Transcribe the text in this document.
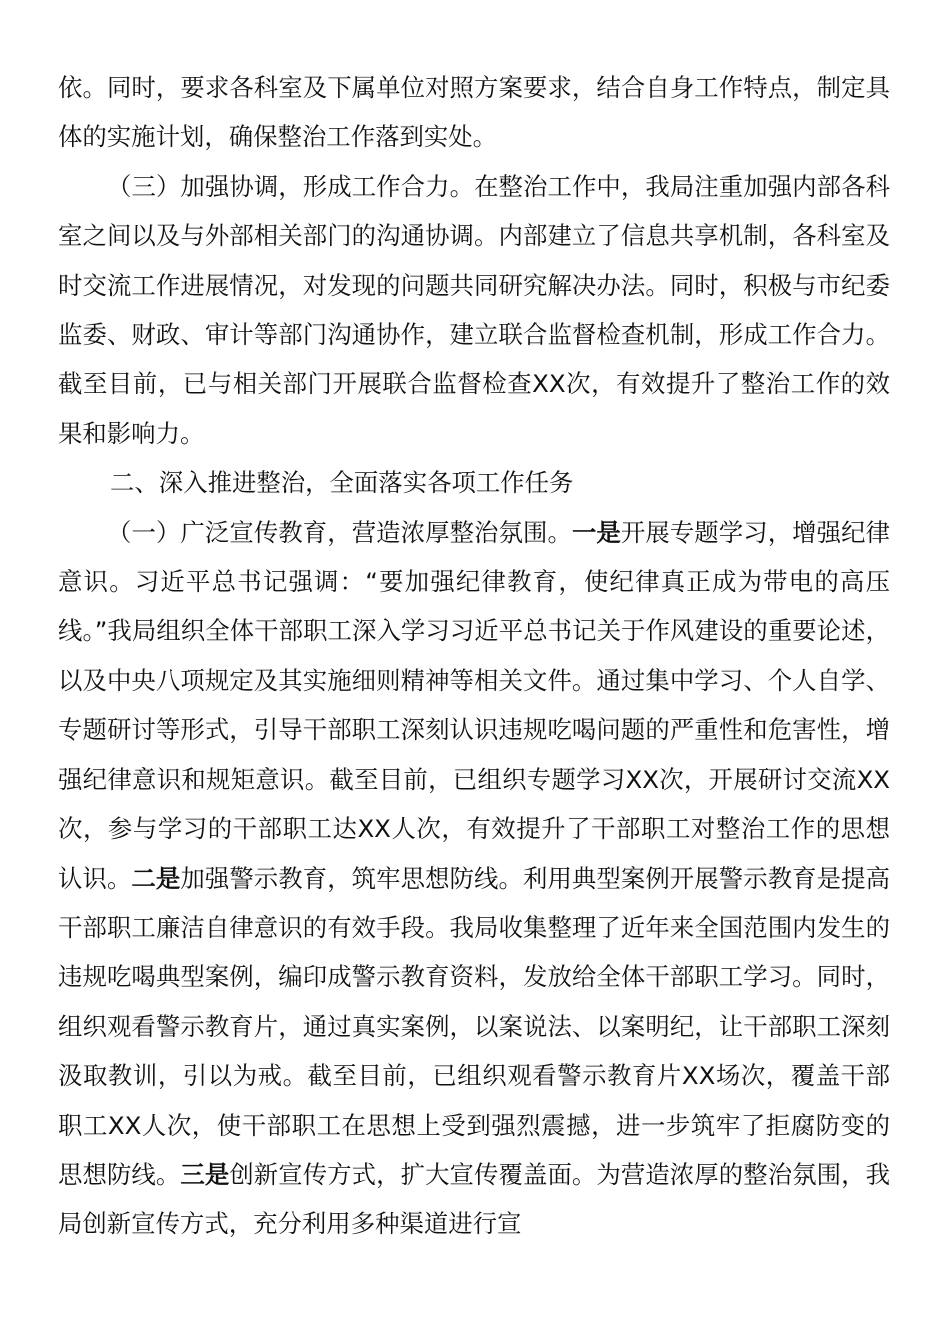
依。同时，要求各科室及下属单位对照方案要求，结合自身工作特点，制定具体的实施计划，确保整治工作落到实处。

（三）加强协调，形成工作合力。在整治工作中，我局注重加强内部各科室之间以及与外部相关部门的沟通协调。内部建立了信息共享机制，各科室及时交流工作进展情况，对发现的问题共同研究解决办法。同时，积极与市纪委监委、财政、审计等部门沟通协作，建立联合监督检查机制，形成工作合力。截至目前，已与相关部门开展联合监督检查XX次，有效提升了整治工作的效果和影响力。

二、深入推进整治，全面落实各项工作任务

（一）广泛宣传教育，营造浓厚整治氛围。一是开展专题学习，增强纪律意识。习近平总书记强调：“要加强纪律教育，使纪律真正成为带电的高压线。”我局组织全体干部职工深入学习习近平总书记关于作风建设的重要论述，以及中央八项规定及其实施细则精神等相关文件。通过集中学习、个人自学、专题研讨等形式，引导干部职工深刻认识违规吃喝问题的严重性和危害性，增强纪律意识和规矩意识。截至目前，已组织专题学习XX次，开展研讨交流XX次，参与学习的干部职工达XX人次，有效提升了干部职工对整治工作的思想认识。二是加强警示教育，筑牢思想防线。利用典型案例开展警示教育是提高干部职工廉洁自律意识的有效手段。我局收集整理了近年来全国范围内发生的违规吃喝典型案例，编印成警示教育资料，发放给全体干部职工学习。同时，组织观看警示教育片，通过真实案例，以案说法、以案明纪，让干部职工深刻汲取教训，引以为戒。截至目前，已组织观看警示教育片XX场次，覆盖干部职工XX人次，使干部职工在思想上受到强烈震撼，进一步筑牢了拒腐防变的思想防线。三是创新宣传方式，扩大宣传覆盖面。为营造浓厚的整治氛围，我局创新宣传方式，充分利用多种渠道进行宣
